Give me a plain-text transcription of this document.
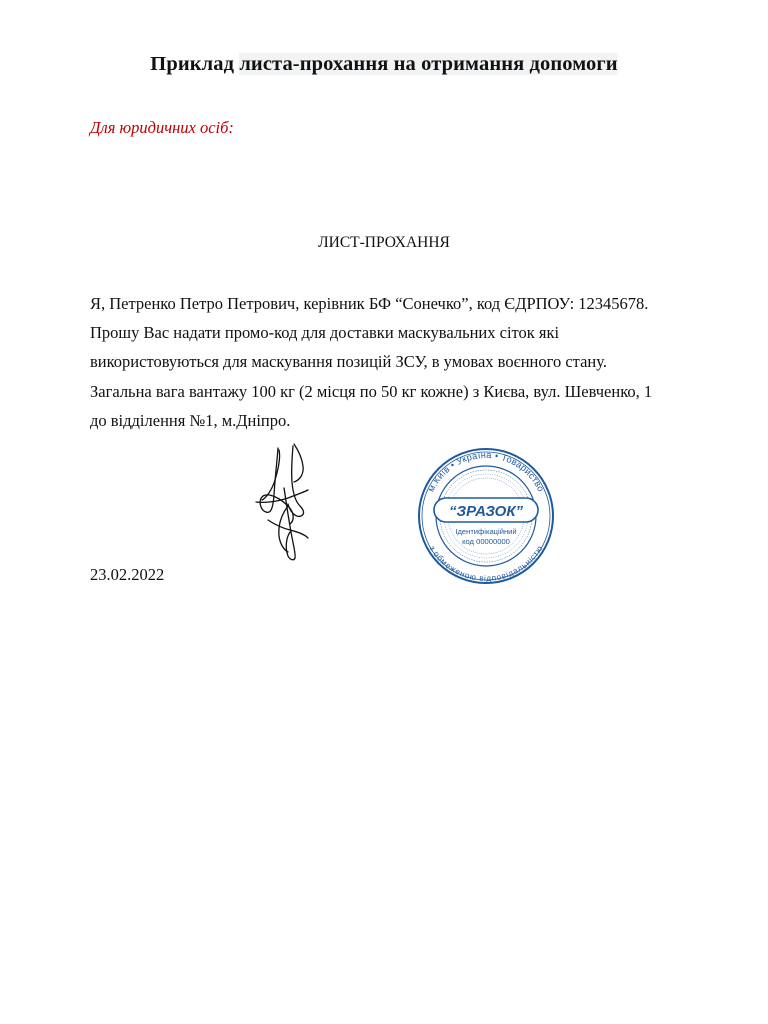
Приклад листа-прохання на отримання допомоги
Для юридичних осіб:
ЛИСТ-ПРОХАННЯ
Я, Петренко Петро Петрович, керівник БФ “Сонечко”, код ЄДРПОУ: 12345678.
Прошу Вас надати промо-код для доставки маскувальних сіток які
використовуються для маскування позицій ЗСУ, в умовах воєнного стану.
Загальна вага вантажу 100 кг (2 місця по 50 кг кожне) з Києва, вул. Шевченко, 1
до відділення №1, м.Дніпро.
м.Київ • Україна • Товариство
з обмеженою відповідальністю
“ЗРАЗОК”
Ідентифікаційний
код 00000000
23.02.2022
